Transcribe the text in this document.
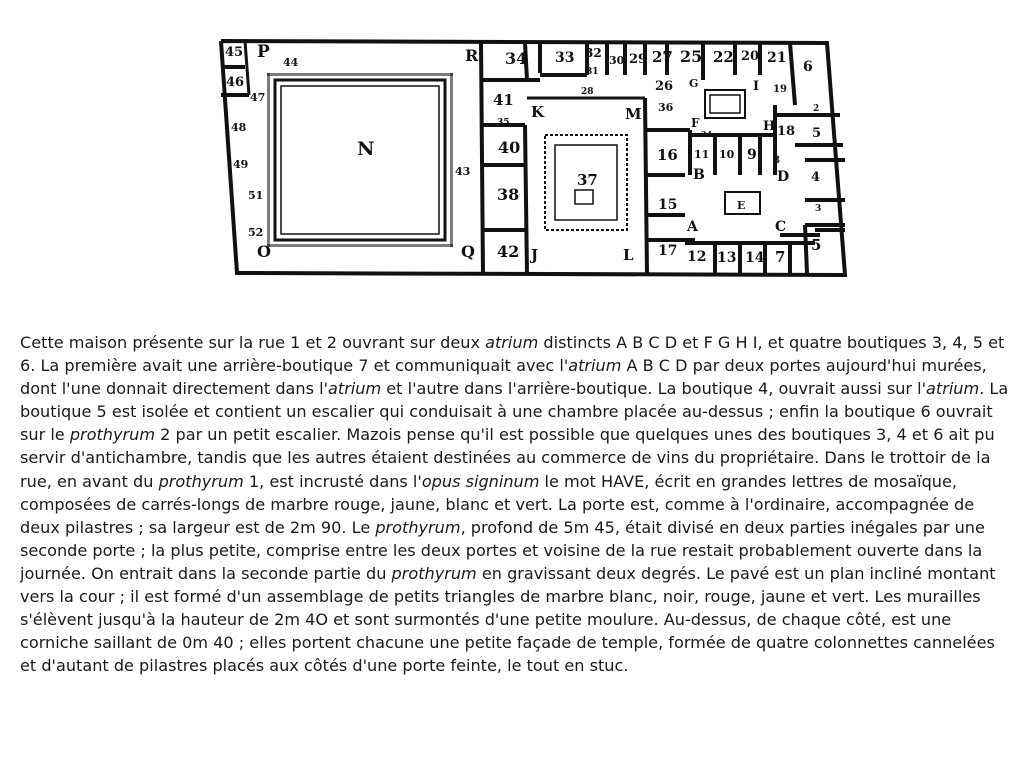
45 P
44
46
47
48
49
51
52
O
N
R 34 33 32
31
28
30 29 27
26
25 22 20 21
6
41
K
35
36
M
40
43	37
38
42
Q	J	L
16
15
17 12 13 14 7
5
5
4
18
19
2
3
8
9
10
11
24
I
G
F	H
B	D
A	C
E

Cette maison présente sur la rue 1 et 2 ouvrant sur deux atrium distincts A B C D et F G H I, et quatre boutiques 3, 4, 5 et 6. La première avait une arrière-boutique 7 et communiquait avec l'atrium A B C D par deux portes aujourd'hui murées, dont l'une donnait directement dans l'atrium et l'autre dans l'arrière-boutique. La boutique 4, ouvrait aussi sur l'atrium. La boutique 5 est isolée et contient un escalier qui conduisait à une chambre placée au-dessus ; enfin la boutique 6 ouvrait sur le prothyrum 2 par un petit escalier. Mazois pense qu'il est possible que quelques unes des boutiques 3, 4 et 6 ait pu servir d'antichambre, tandis que les autres étaient destinées au commerce de vins du propriétaire. Dans le trottoir de la rue, en avant du prothyrum 1, est incrusté dans l'opus signinum le mot HAVE, écrit en grandes lettres de mosaïque, composées de carrés-longs de marbre rouge, jaune, blanc et vert. La porte est, comme à l'ordinaire, accompagnée de deux pilastres ; sa largeur est de 2m 90. Le prothyrum, profond de 5m 45, était divisé en deux parties inégales par une seconde porte ; la plus petite, comprise entre les deux portes et voisine de la rue restait probablement ouverte dans la journée. On entrait dans la seconde partie du prothyrum en gravissant deux degrés. Le pavé est un plan incliné montant vers la cour ; il est formé d'un assemblage de petits triangles de marbre blanc, noir, rouge, jaune et vert. Les murailles s'élèvent jusqu'à la hauteur de 2m 4O et sont surmontés d'une petite moulure. Au-dessus, de chaque côté, est une corniche saillant de 0m 40 ; elles portent chacune une petite façade de temple, formée de quatre colonnettes cannelées et d'autant de pilastres placés aux côtés d'une porte feinte, le tout en stuc.
